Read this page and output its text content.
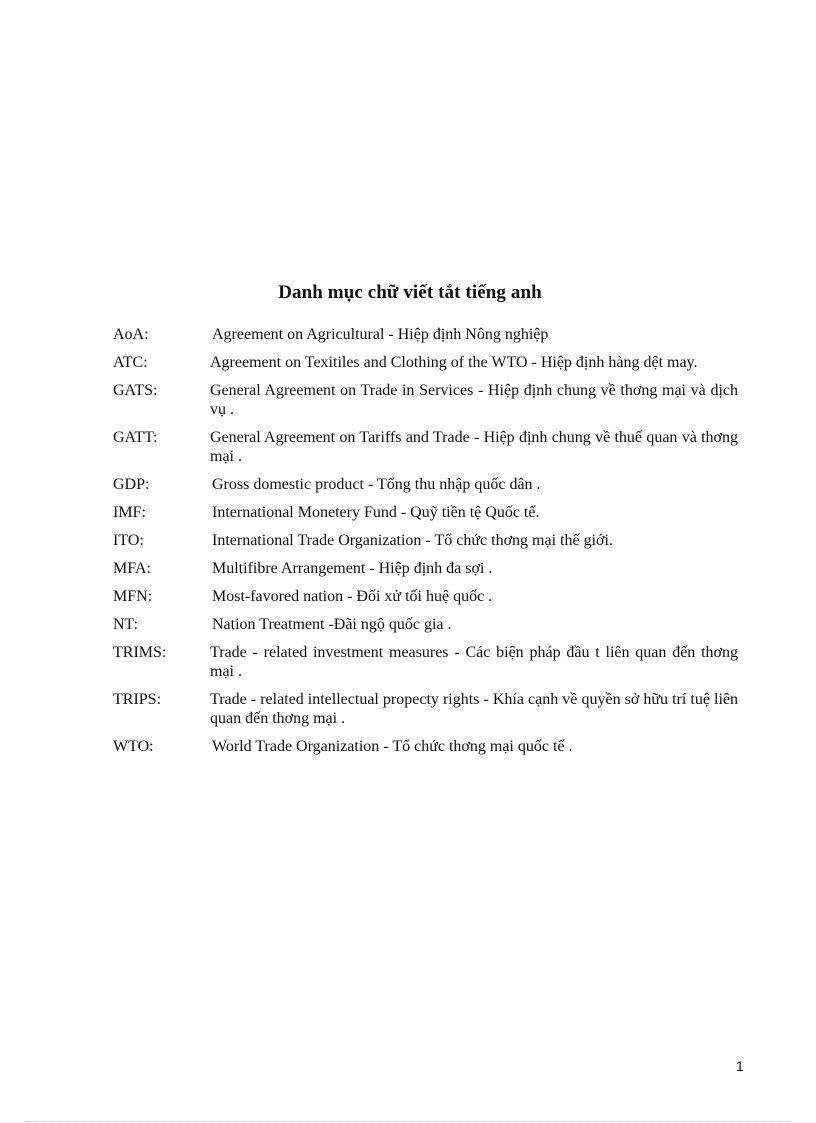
Danh mục chữ viết tắt tiếng anh
AoA:	Agreement on Agricultural - Hiệp định Nông nghiệp
ATC:	Agreement on Texitiles and Clothing of the WTO - Hiệp định hàng dệt may.
GATS:	General Agreement on Trade in Services - Hiệp định chung về thơng mại và dịch vụ .
GATT:	General Agreement on Tariffs and Trade - Hiệp định chung về thuế quan và thơng mại .
GDP:	Gross domestic product - Tổng thu nhập quốc dân .
IMF:	International Monetery Fund - Quỹ tiền tệ Quốc tế.
ITO:	International Trade Organization - Tổ chức thơng mại thế giới.
MFA:	Multifibre Arrangement - Hiệp định đa sợi .
MFN:	Most-favored nation - Đối xử tối huệ quốc .
NT:	Nation Treatment -Đãi ngộ quốc gia .
TRIMS:	Trade - related investment measures - Các biện pháp đầu t liên quan đến thơng mại .
TRIPS:	Trade - related intellectual propecty rights - Khía cạnh về quyền sở hữu trí tuệ liên quan đến thơng mại .
WTO:	World Trade Organization - Tổ chức thơng mại quốc tế .
1
